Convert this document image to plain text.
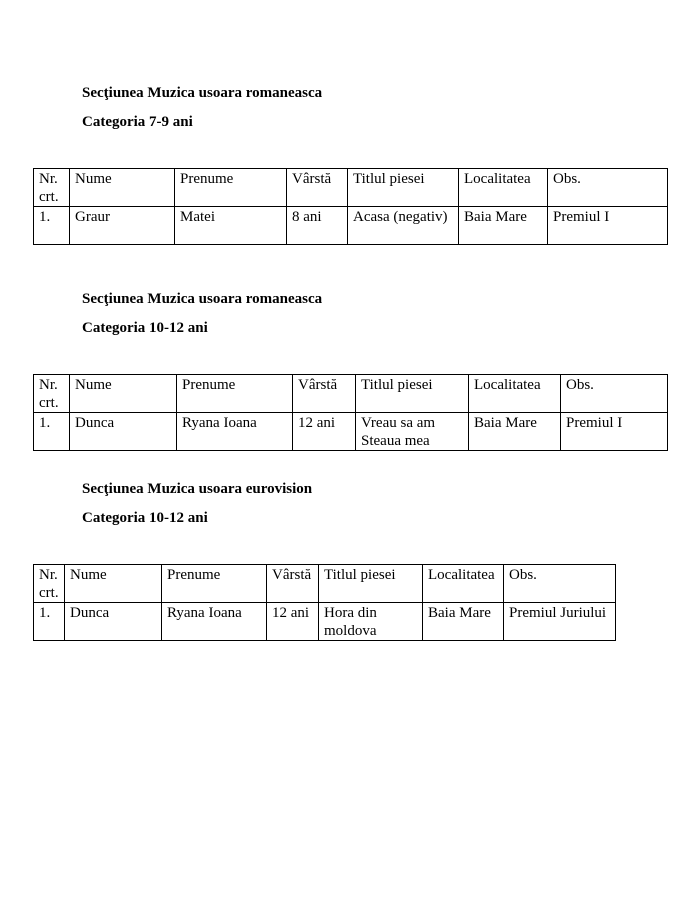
Secţiunea Muzica usoara romaneasca
Categoria 7-9 ani
Nr. crt.	Nume	Prenume	Vârstă	Titlul piesei	Localitatea	Obs.
1.	Graur	Matei	8 ani	Acasa (negativ)	Baia Mare	Premiul I
Secţiunea Muzica usoara romaneasca
Categoria 10-12 ani
Nr. crt.	Nume	Prenume	Vârstă	Titlul piesei	Localitatea	Obs.
1.	Dunca	Ryana Ioana	12 ani	Vreau sa am Steaua mea	Baia Mare	Premiul I
Secţiunea Muzica usoara eurovision
Categoria 10-12 ani
Nr. crt.	Nume	Prenume	Vârstă	Titlul piesei	Localitatea	Obs.
1.	Dunca	Ryana Ioana	12 ani	Hora din moldova	Baia Mare	Premiul Juriului
